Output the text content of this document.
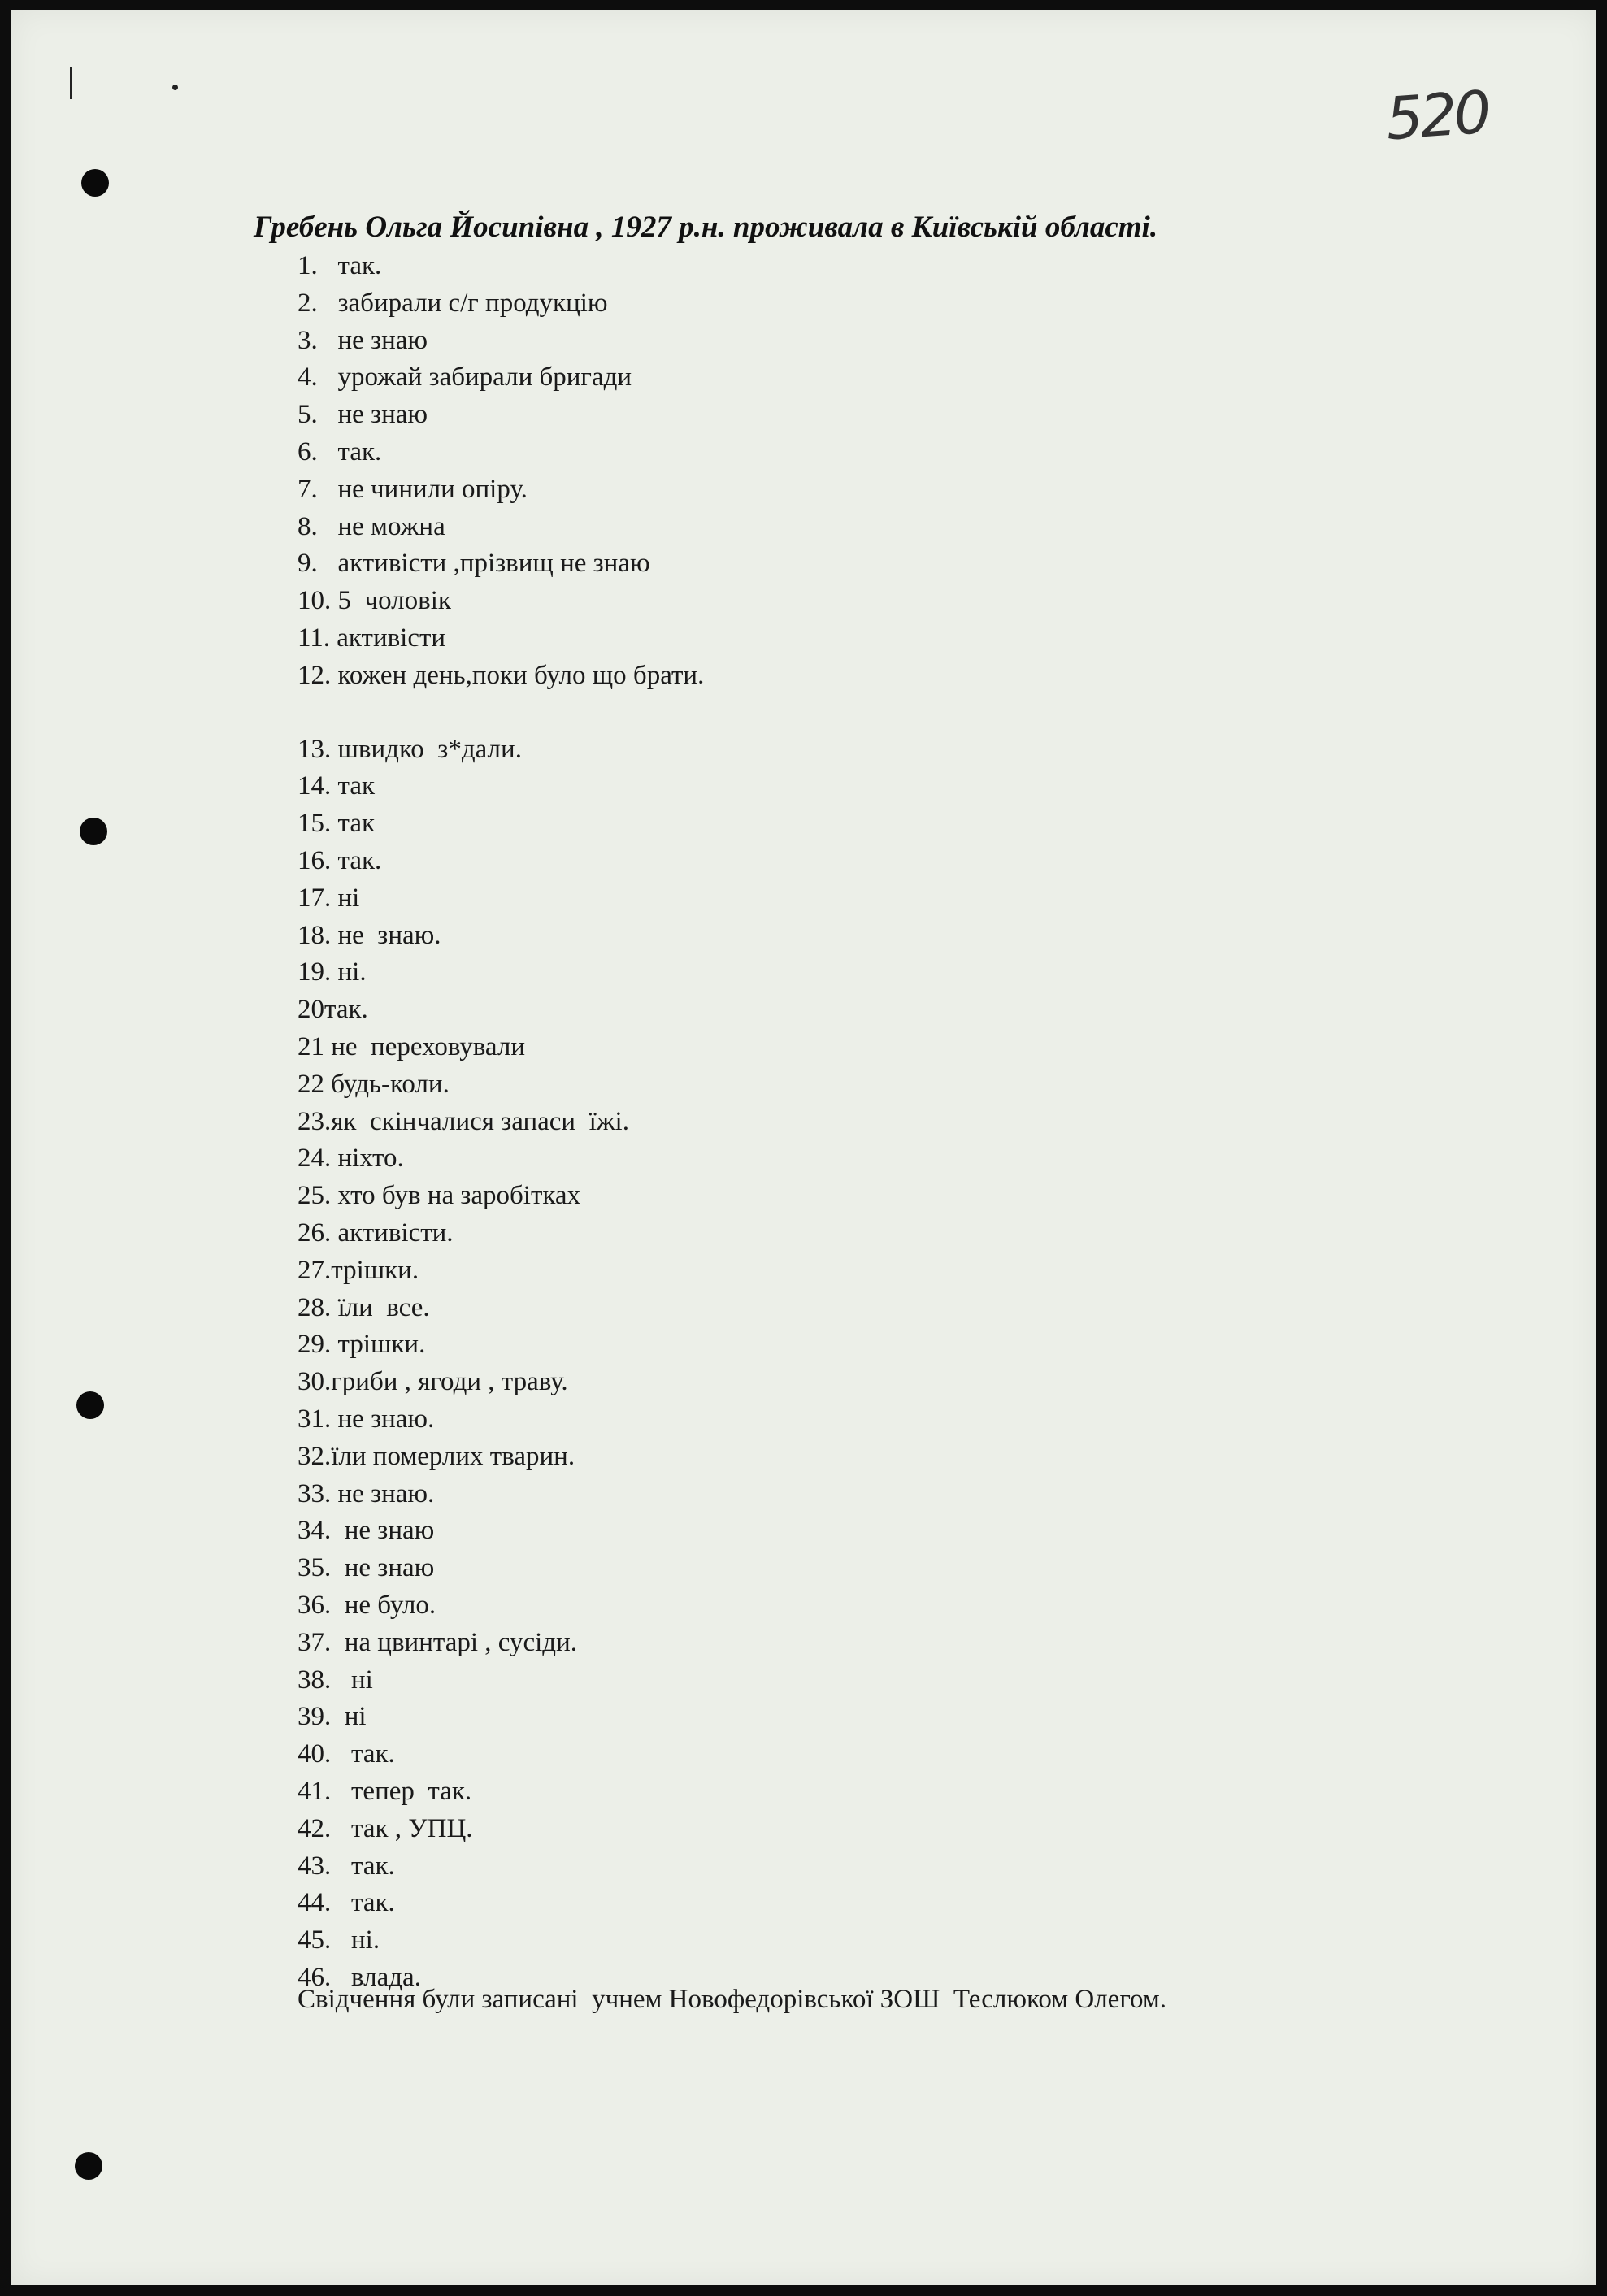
520
Гребень Ольга Йосипівна , 1927 р.н. проживала в Київській області.
1.   так.
2.   забирали с/г продукцію
3.   не знаю
4.   урожай забирали бригади
5.   не знаю
6.   так.
7.   не чинили опіру.
8.   не можна
9.   активісти ,прізвищ не знаю
10. 5  чоловік
11. активісти
12. кожен день,поки було що брати.
13. швидко  з*дали.
14. так
15. так
16. так.
17. ні
18. не  знаю.
19. ні.
20так.
21 не  переховували
22 будь-коли.
23.як  скінчалися запаси  їжі.
24. ніхто.
25. хто був на заробітках
26. активісти.
27.трішки.
28. їли  все.
29. трішки.
30.гриби , ягоди , траву.
31. не знаю.
32.їли померлих тварин.
33. не знаю.
34.  не знаю
35.  не знаю
36.  не було.
37.  на цвинтарі , сусіди.
38.   ні
39.  ні
40.   так.
41.   тепер  так.
42.   так , УПЦ.
43.   так.
44.   так.
45.   ні.
46.   влада.
Свідчення були записані  учнем Новофедорівської ЗОШ  Теслюком Олегом.
